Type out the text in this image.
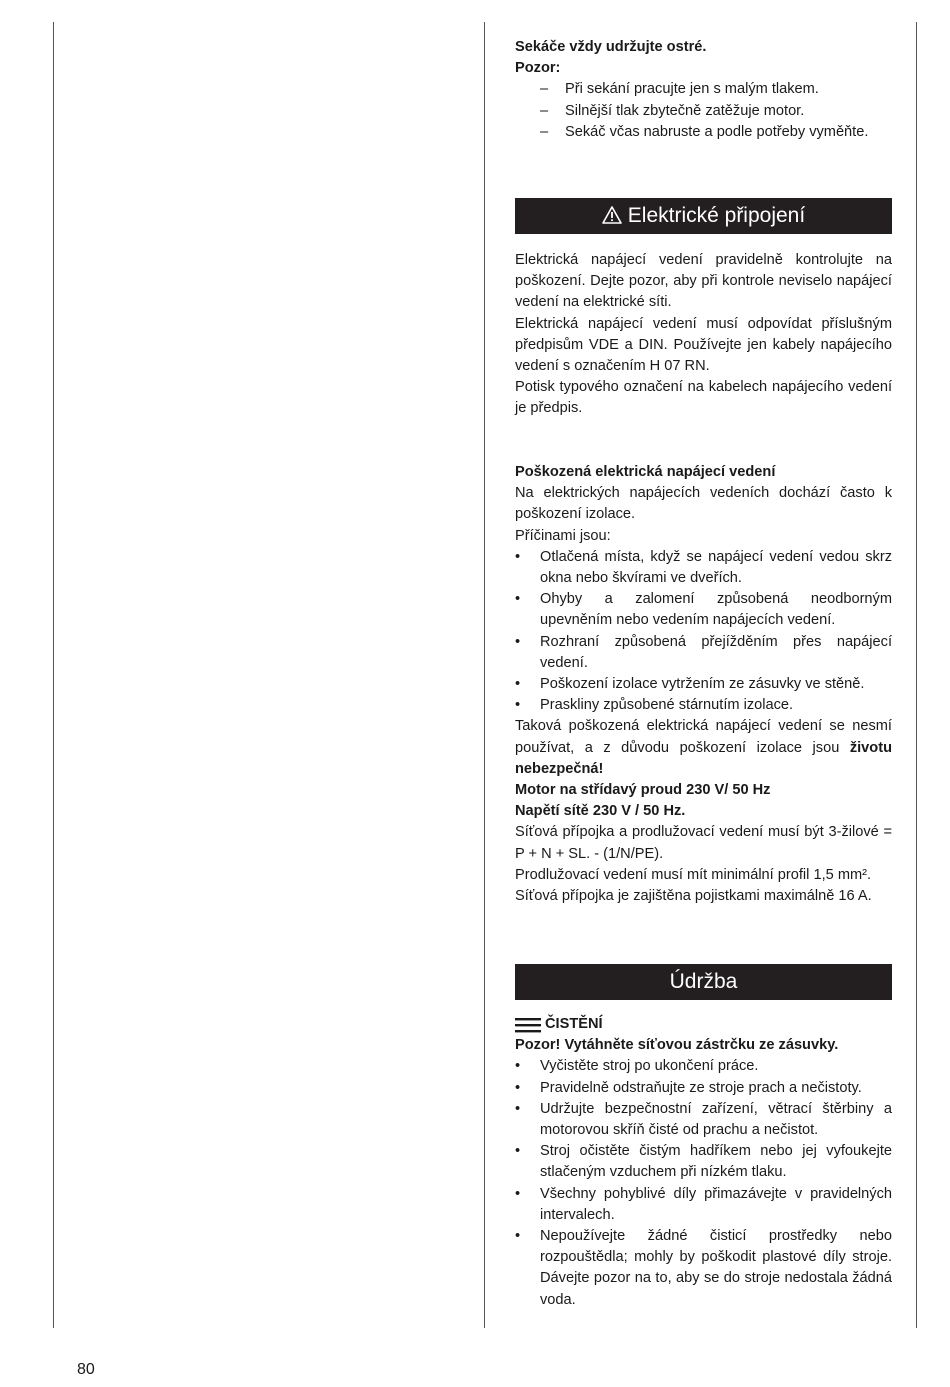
Sekáče vždy udržujte ostré.

Pozor:

– Při sekání pracujte jen s malým tlakem.
– Silnější tlak zbytečně zatěžuje motor.
– Sekáč včas nabruste a podle potřeby vyměňte.
Elektrické připojení

Elektrická napájecí vedení pravidelně kontrolujte na poškození. Dejte pozor, aby při kontrole neviselo napájecí vedení na elektrické síti.

Elektrická napájecí vedení musí odpovídat příslušným předpisům VDE a DIN. Používejte jen kabely napájecího vedení s označením H 07 RN.

Potisk typového označení na kabelech napájecího vedení je předpis.

Poškozená elektrická napájecí vedení

Na elektrických napájecích vedeních dochází často k poškození izolace.

Příčinami jsou:

• Otlačená místa, když se napájecí vedení vedou skrz okna nebo škvírami ve dveřích.
• Ohyby a zalomení způsobená neodborným upevněním nebo vedením napájecích vedení.
• Rozhraní způsobená přejížděním přes napájecí vedení.
• Poškození izolace vytržením ze zásuvky ve stěně.
• Praskliny způsobené stárnutím izolace.

Taková poškozená elektrická napájecí vedení se nesmí používat, a z důvodu poškození izolace jsou životu nebezpečná!

Motor na střídavý proud 230 V/ 50 Hz

Napětí sítě 230 V / 50 Hz.

Síťová přípojka a prodlužovací vedení musí být 3-žilové = P + N + SL. - (1/N/PE).

Prodlužovací vedení musí mít minimální profil 1,5 mm².

Síťová přípojka je zajištěna pojistkami maximálně 16 A.

Údržba
ČISTĚNÍ

Pozor! Vytáhněte síťovou zástrčku ze zásuvky.

• Vyčistěte stroj po ukončení práce.
• Pravidelně odstraňujte ze stroje prach a nečistoty.
• Udržujte bezpečnostní zařízení, větrací štěrbiny a motorovou skříň čisté od prachu a nečistot.
• Stroj očistěte čistým hadříkem nebo jej vyfoukejte stlačeným vzduchem při nízkém tlaku.
• Všechny pohyblivé díly přimazávejte v pravidelných intervalech.
• Nepoužívejte žádné čisticí prostředky nebo rozpouštědla; mohly by poškodit plastové díly stroje. Dávejte pozor na to, aby se do stroje nedostala žádná voda.
80
